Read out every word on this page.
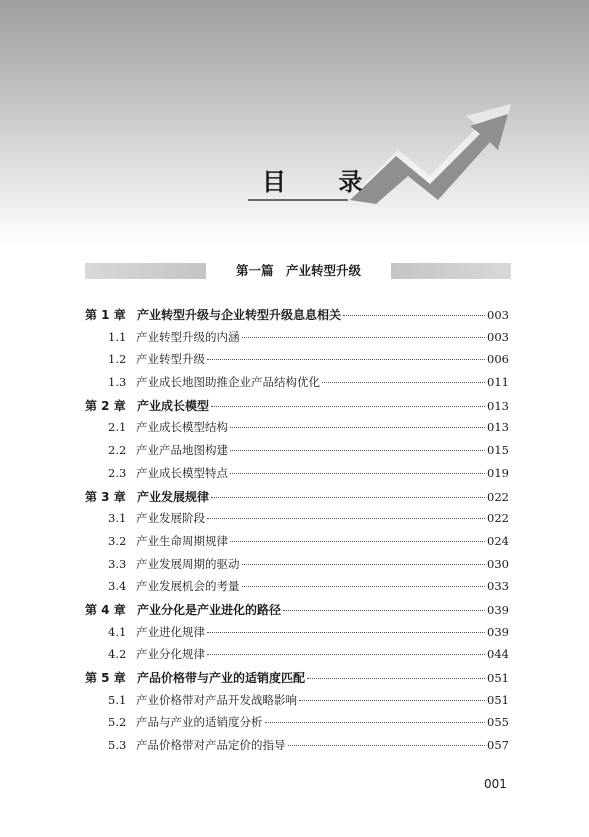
目 录
第一篇　产业转型升级
第 1 章 产业转型升级与企业转型升级息息相关	003
1.1 产业转型升级的内涵	003
1.2 产业转型升级	006
1.3 产业成长地图助推企业产品结构优化	011
第 2 章 产业成长模型	013
2.1 产业成长模型结构	013
2.2 产业产品地图构建	015
2.3 产业成长模型特点	019
第 3 章 产业发展规律	022
3.1 产业发展阶段	022
3.2 产业生命周期规律	024
3.3 产业发展周期的驱动	030
3.4 产业发展机会的考量	033
第 4 章 产业分化是产业进化的路径	039
4.1 产业进化规律	039
4.2 产业分化规律	044
第 5 章 产品价格带与产业的适销度匹配	051
5.1 产业价格带对产品开发战略影响	051
5.2 产品与产业的适销度分析	055
5.3 产品价格带对产品定价的指导	057
001
